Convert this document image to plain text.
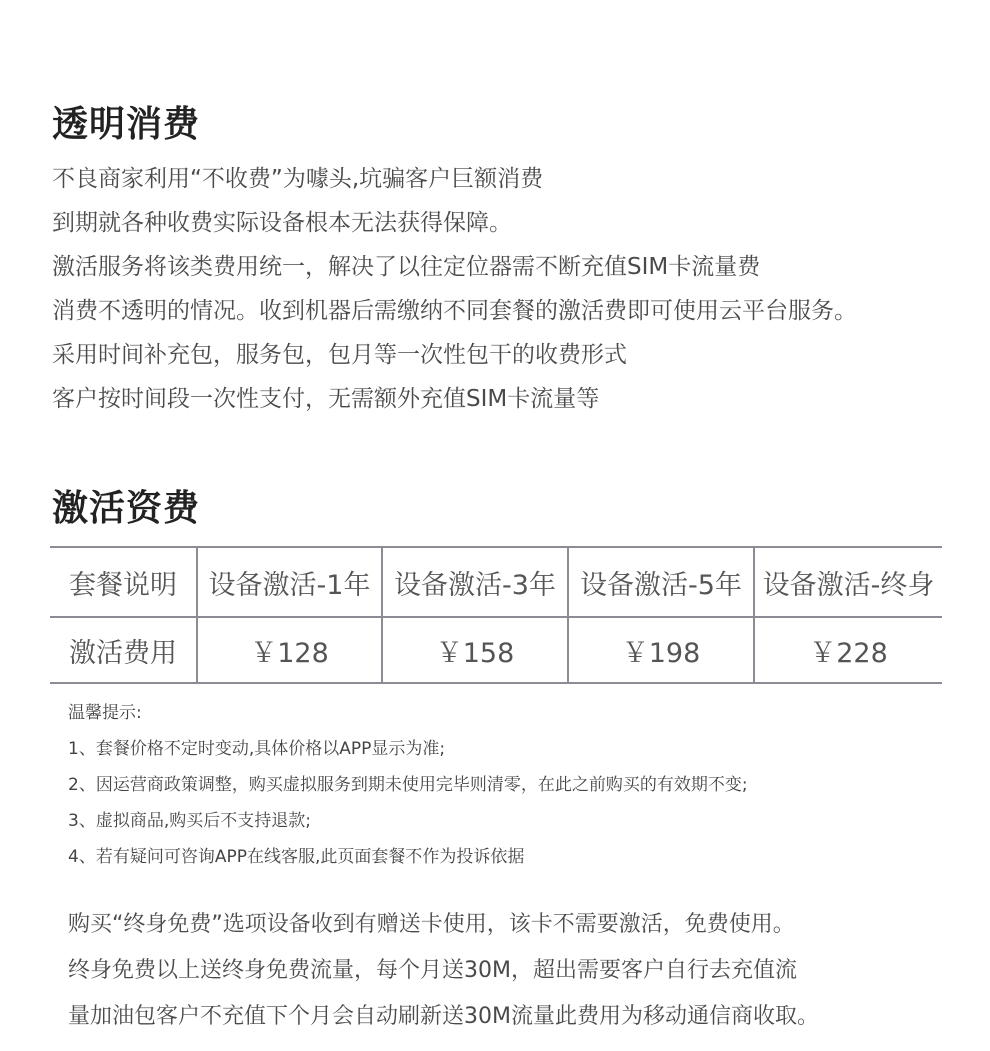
透明消费
不良商家利用“不收费”为噱头,坑骗客户巨额消费
到期就各种收费实际设备根本无法获得保障。
激活服务将该类费用统一，解决了以往定位器需不断充值SIM卡流量费
消费不透明的情况。收到机器后需缴纳不同套餐的激活费即可使用云平台服务。
采用时间补充包，服务包，包月等一次性包干的收费形式
客户按时间段一次性支付，无需额外充值SIM卡流量等
激活资费
套餐说明	设备激活-1年	设备激活-3年	设备激活-5年	设备激活-终身
激活费用	￥128	￥158	￥198	￥228
温馨提示:
1、套餐价格不定时变动,具体价格以APP显示为准;
2、因运营商政策调整，购买虚拟服务到期未使用完毕则清零，在此之前购买的有效期不变;
3、虚拟商品,购买后不支持退款;
4、若有疑问可咨询APP在线客服,此页面套餐不作为投诉依据
购买“终身免费”选项设备收到有赠送卡使用，该卡不需要激活，免费使用。
终身免费以上送终身免费流量，每个月送30M，超出需要客户自行去充值流
量加油包客户不充值下个月会自动刷新送30M流量此费用为移动通信商收取。
